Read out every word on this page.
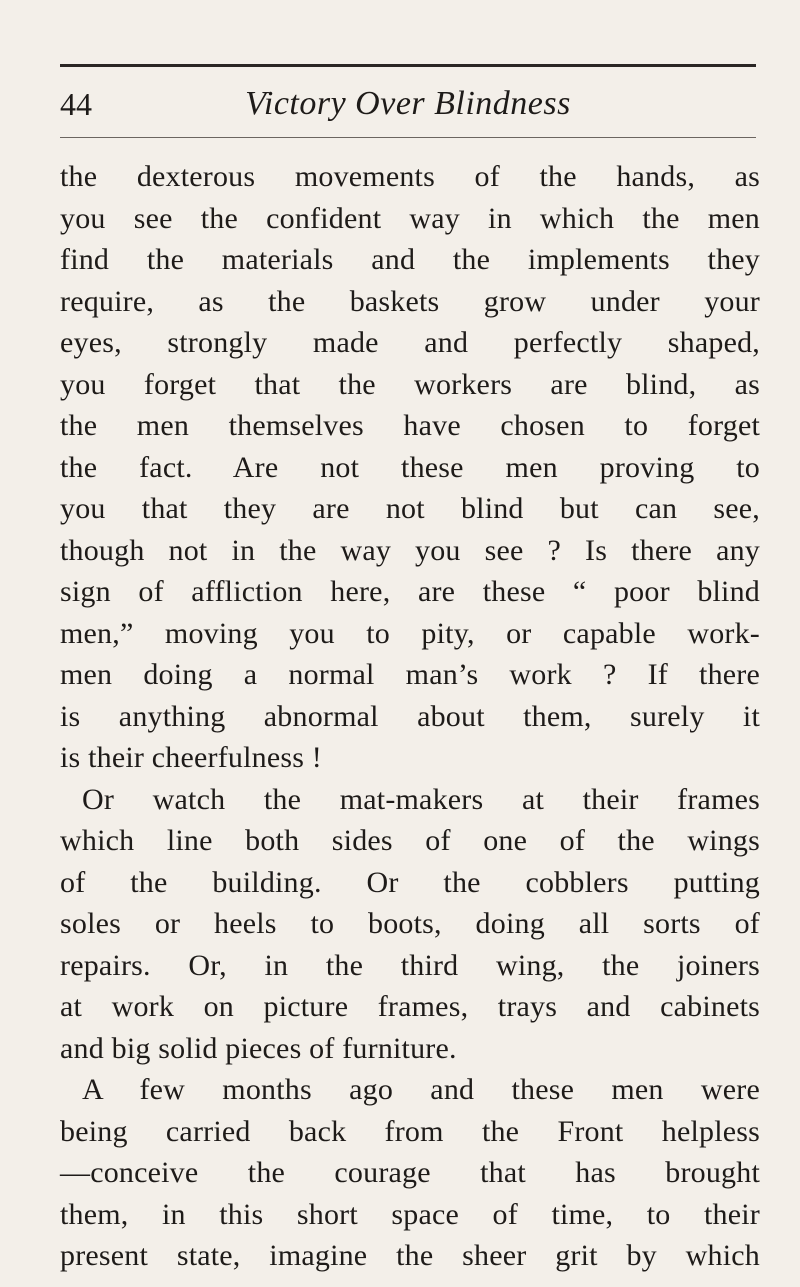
44	Victory Over Blindness
the dexterous movements of the hands, as
you see the confident way in which the men
find the materials and the implements they
require, as the baskets grow under your
eyes, strongly made and perfectly shaped,
you forget that the workers are blind, as
the men themselves have chosen to forget
the fact. Are not these men proving to
you that they are not blind but can see,
though not in the way you see ? Is there any
sign of affliction here, are these “ poor blind
men,” moving you to pity, or capable work-
men doing a normal man’s work ? If there
is anything abnormal about them, surely it
is their cheerfulness !
Or watch the mat-makers at their frames
which line both sides of one of the wings
of the building. Or the cobblers putting
soles or heels to boots, doing all sorts of
repairs. Or, in the third wing, the joiners
at work on picture frames, trays and cabinets
and big solid pieces of furniture.
A few months ago and these men were
being carried back from the Front helpless
—conceive the courage that has brought
them, in this short space of time, to their
present state, imagine the sheer grit by which
